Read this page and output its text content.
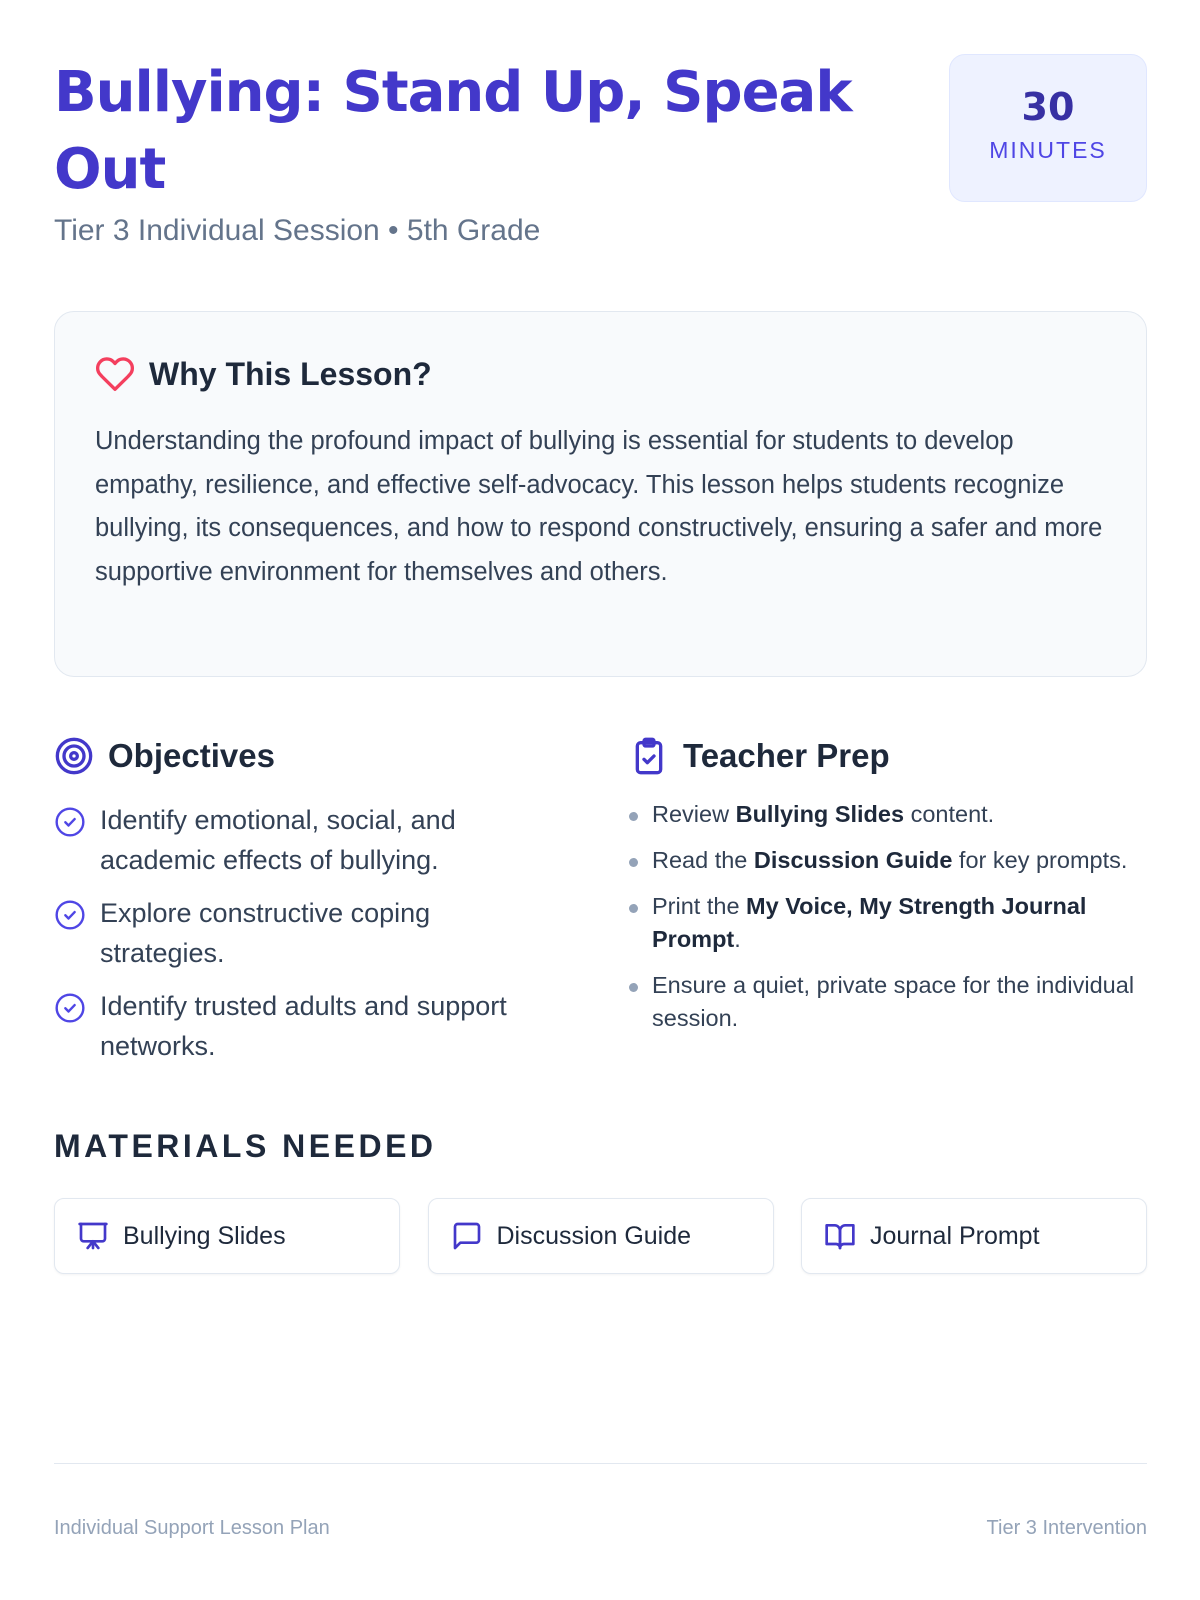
Bullying: Stand Up, Speak Out
Tier 3 Individual Session • 5th Grade
30
MINUTES
Why This Lesson?

Understanding the profound impact of bullying is essential for students to develop empathy, resilience, and effective self-advocacy. This lesson helps students recognize bullying, its consequences, and how to respond constructively, ensuring a safer and more supportive environment for themselves and others.

Objectives
Identify emotional, social, and academic effects of bullying.
Explore constructive coping strategies.
Identify trusted adults and support networks.
Teacher Prep
Review Bullying Slides content.
Read the Discussion Guide for key prompts.
Print the My Voice, My Strength Journal Prompt.
Ensure a quiet, private space for the individual session.
MATERIALS NEEDED
Bullying Slides	Discussion Guide	Journal Prompt
Individual Support Lesson Plan	Tier 3 Intervention
